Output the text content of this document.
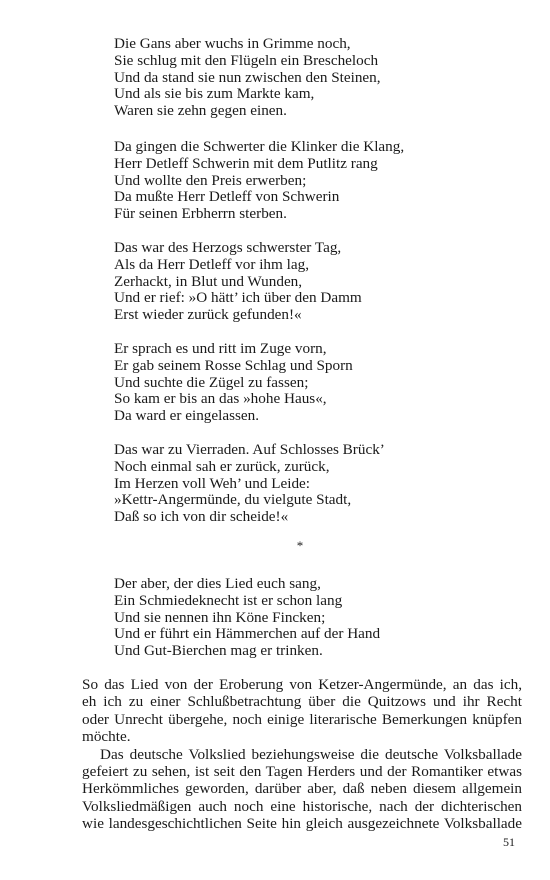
Die Gans aber wuchs in Grimme noch,
Sie schlug mit den Flügeln ein Brescheloch
Und da stand sie nun zwischen den Steinen,
Und als sie bis zum Markte kam,
Waren sie zehn gegen einen.
Da gingen die Schwerter die Klinker die Klang,
Herr Detleff Schwerin mit dem Putlitz rang
Und wollte den Preis erwerben;
Da mußte Herr Detleff von Schwerin
Für seinen Erbherrn sterben.
Das war des Herzogs schwerster Tag,
Als da Herr Detleff vor ihm lag,
Zerhackt, in Blut und Wunden,
Und er rief: »O hätt’ ich über den Damm
Erst wieder zurück gefunden!«
Er sprach es und ritt im Zuge vorn,
Er gab seinem Rosse Schlag und Sporn
Und suchte die Zügel zu fassen;
So kam er bis an das »hohe Haus«,
Da ward er eingelassen.
Das war zu Vierraden. Auf Schlosses Brück’
Noch einmal sah er zurück, zurück,
Im Herzen voll Weh’ und Leide:
»Kettr-Angermünde, du vielgute Stadt,
Daß so ich von dir scheide!«
*
Der aber, der dies Lied euch sang,
Ein Schmiedeknecht ist er schon lang
Und sie nennen ihn Köne Fincken;
Und er führt ein Hämmerchen auf der Hand
Und Gut-Bierchen mag er trinken.
So das Lied von der Eroberung von Ketzer-Angermünde, an das ich,
eh ich zu einer Schlußbetrachtung über die Quitzows und ihr Recht
oder Unrecht übergehe, noch einige literarische Bemerkungen knüpfen
möchte.
Das deutsche Volkslied beziehungsweise die deutsche Volksballade
gefeiert zu sehen, ist seit den Tagen Herders und der Romantiker etwas
Herkömmliches geworden, darüber aber, daß neben diesem allgemein
Volksliedmäßigen auch noch eine historische, nach der dichterischen
wie landesgeschichtlichen Seite hin gleich ausgezeichnete Volksballade
51
